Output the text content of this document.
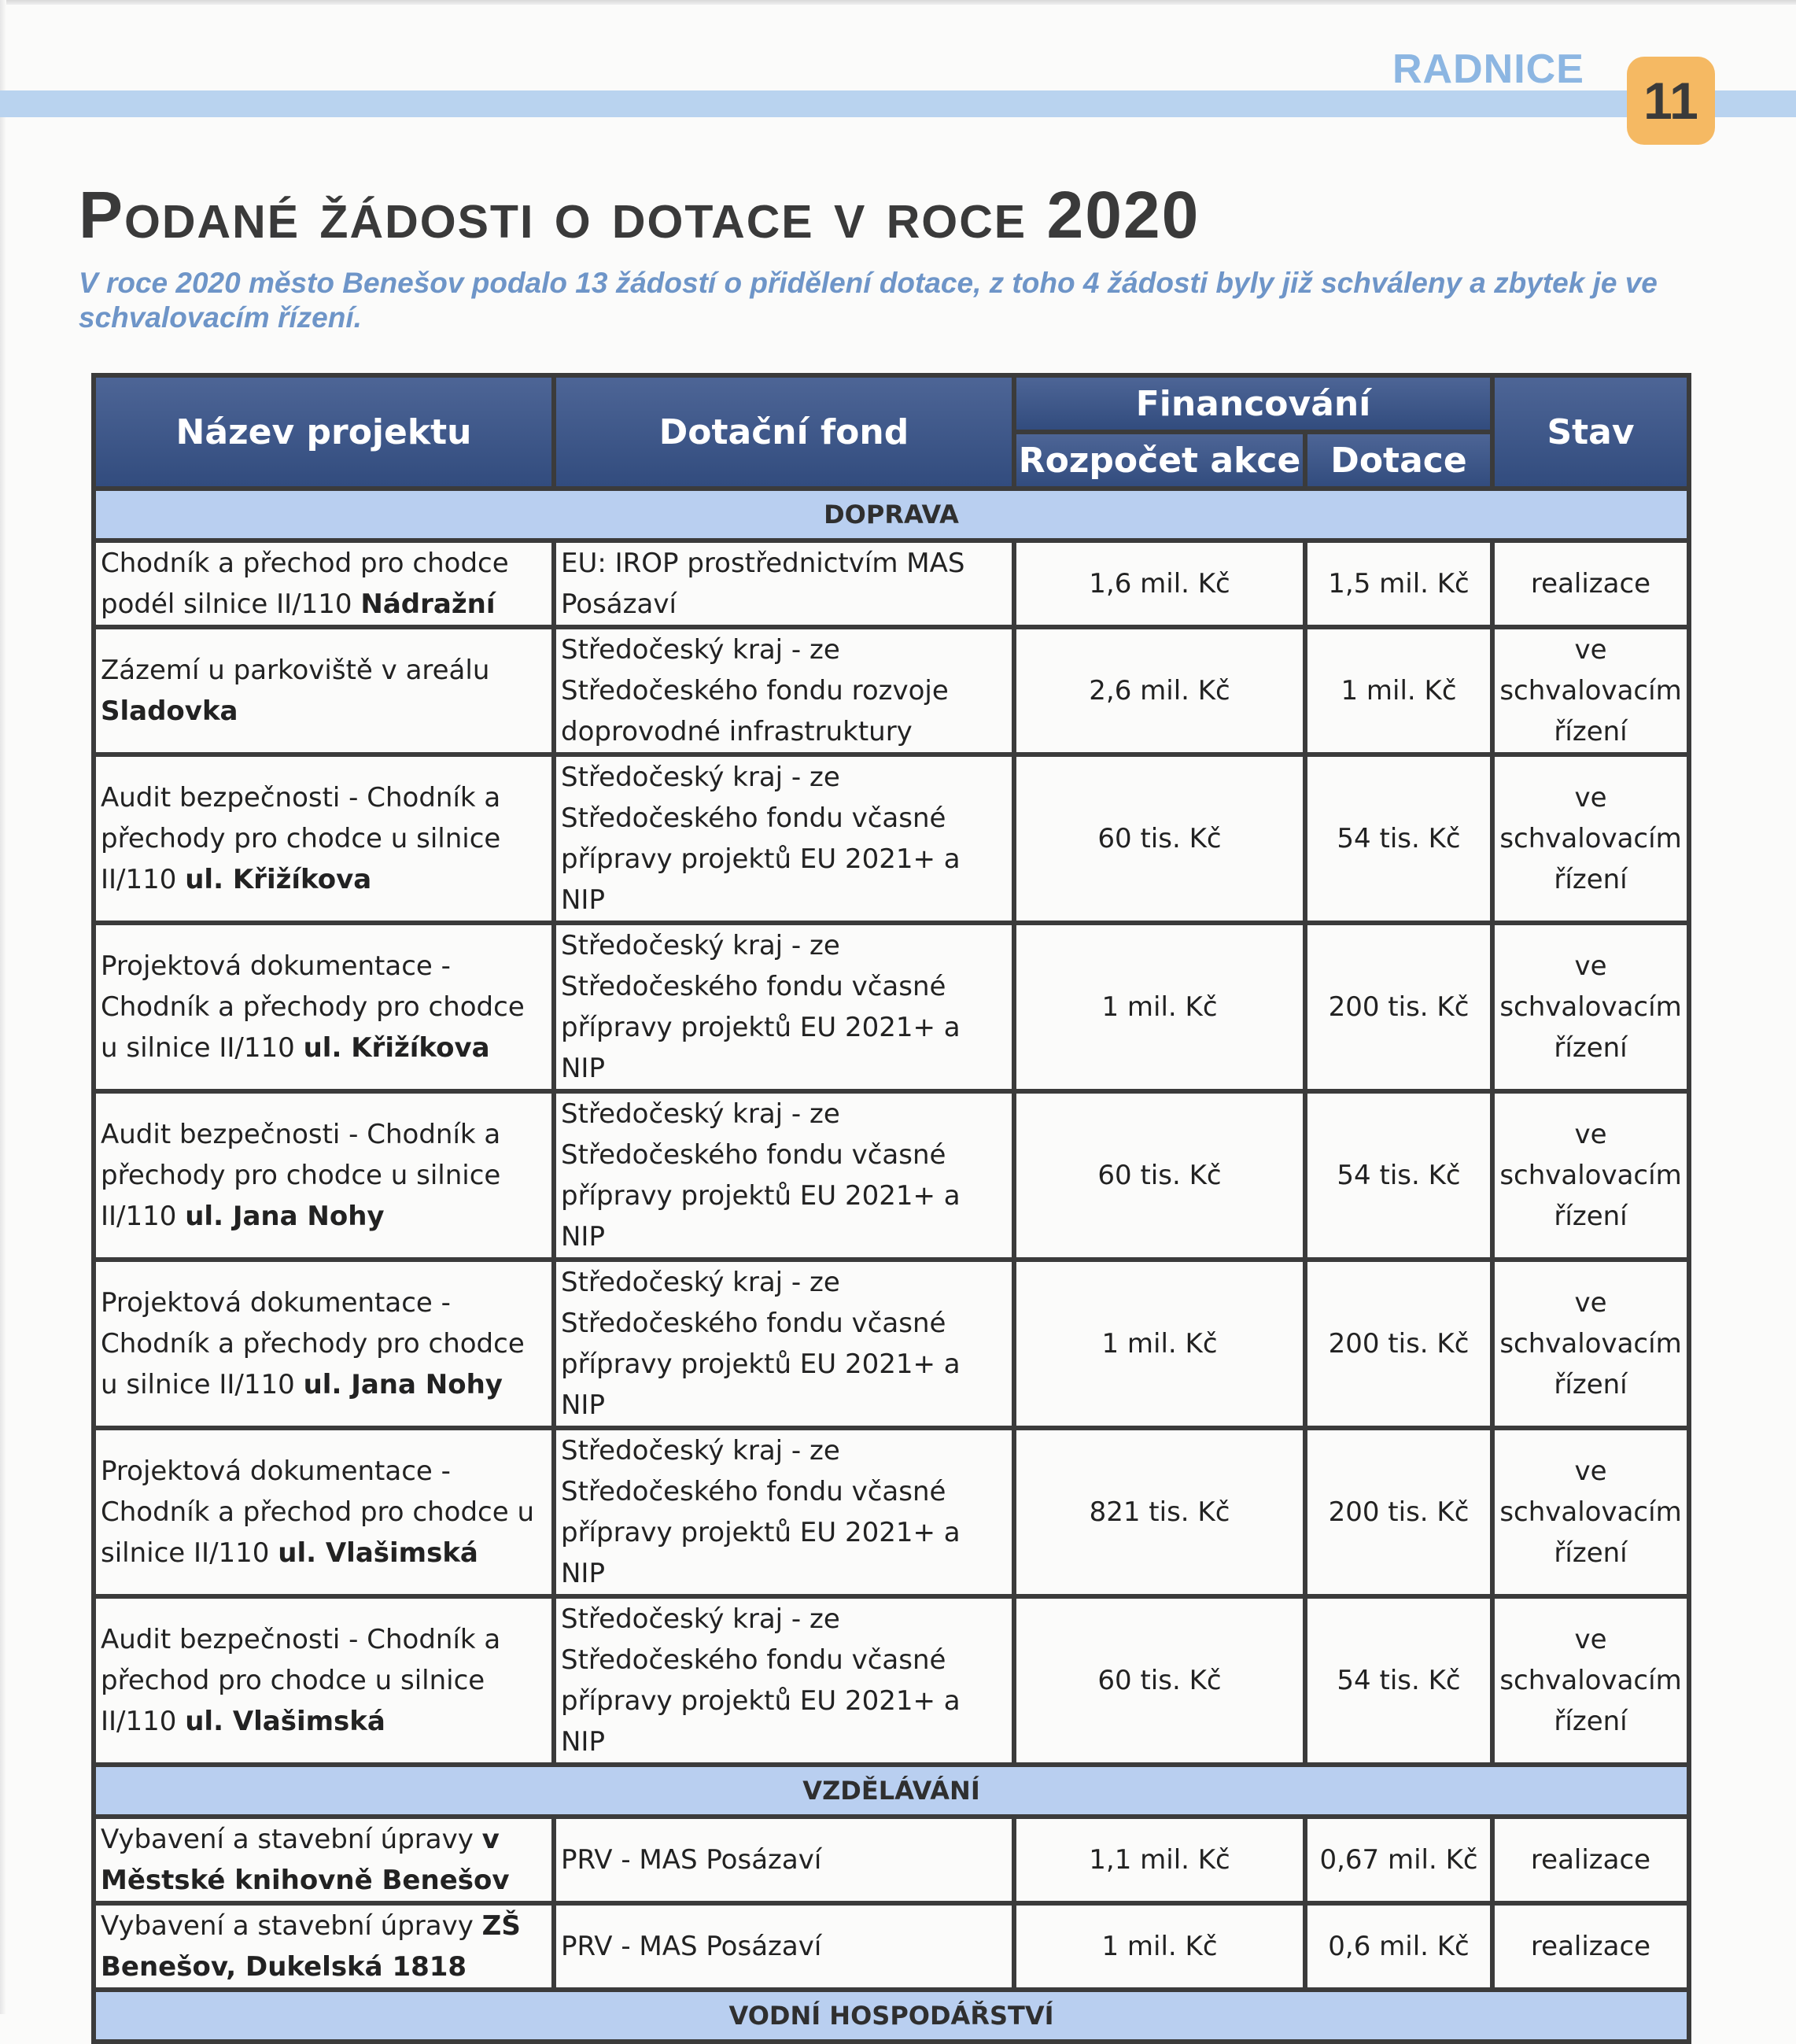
RADNICE
11
Podané žádosti o dotace v roce 2020
V roce 2020 město Benešov podalo 13 žádostí o přidělení dotace, z toho 4 žádosti byly již schváleny a zbytek je ve schvalovacím řízení.
Název projektu	Dotační fond	Financování		Stav
		Rozpočet akce	Dotace	
DOPRAVA				
Chodník a přechod pro chodce podél silnice II/110 Nádražní	EU: IROP prostřednictvím MAS Posázaví	1,6 mil. Kč	1,5 mil. Kč	realizace
Zázemí u parkoviště v areálu Sladovka	Středočeský kraj - ze Středočeského fondu rozvoje doprovodné infrastruktury	2,6 mil. Kč	1 mil. Kč	ve schvalovacím řízení
Audit bezpečnosti - Chodník a přechody pro chodce u silnice II/110 ul. Křižíkova	Středočeský kraj - ze Středočeského fondu včasné přípravy projektů EU 2021+ a NIP	60 tis. Kč	54 tis. Kč	ve schvalovacím řízení
Projektová dokumentace - Chodník a přechody pro chodce u silnice II/110 ul. Křižíkova	Středočeský kraj - ze Středočeského fondu včasné přípravy projektů EU 2021+ a NIP	1 mil. Kč	200 tis. Kč	ve schvalovacím řízení
Audit bezpečnosti - Chodník a přechody pro chodce u silnice II/110 ul. Jana Nohy	Středočeský kraj - ze Středočeského fondu včasné přípravy projektů EU 2021+ a NIP	60 tis. Kč	54 tis. Kč	ve schvalovacím řízení
Projektová dokumentace - Chodník a přechody pro chodce u silnice II/110 ul. Jana Nohy	Středočeský kraj - ze Středočeského fondu včasné přípravy projektů EU 2021+ a NIP	1 mil. Kč	200 tis. Kč	ve schvalovacím řízení
Projektová dokumentace - Chodník a přechod pro chodce u silnice II/110 ul. Vlašimská	Středočeský kraj - ze Středočeského fondu včasné přípravy projektů EU 2021+ a NIP	821 tis. Kč	200 tis. Kč	ve schvalovacím řízení
Audit bezpečnosti - Chodník a přechod pro chodce u silnice II/110 ul. Vlašimská	Středočeský kraj - ze Středočeského fondu včasné přípravy projektů EU 2021+ a NIP	60 tis. Kč	54 tis. Kč	ve schvalovacím řízení
VZDĚLÁVÁNÍ				
Vybavení a stavební úpravy v Městské knihovně Benešov	PRV - MAS Posázaví	1,1 mil. Kč	0,67 mil. Kč	realizace
Vybavení a stavební úpravy ZŠ Benešov, Dukelská 1818	PRV - MAS Posázaví	1 mil. Kč	0,6 mil. Kč	realizace
VODNÍ HOSPODÁŘSTVÍ				
